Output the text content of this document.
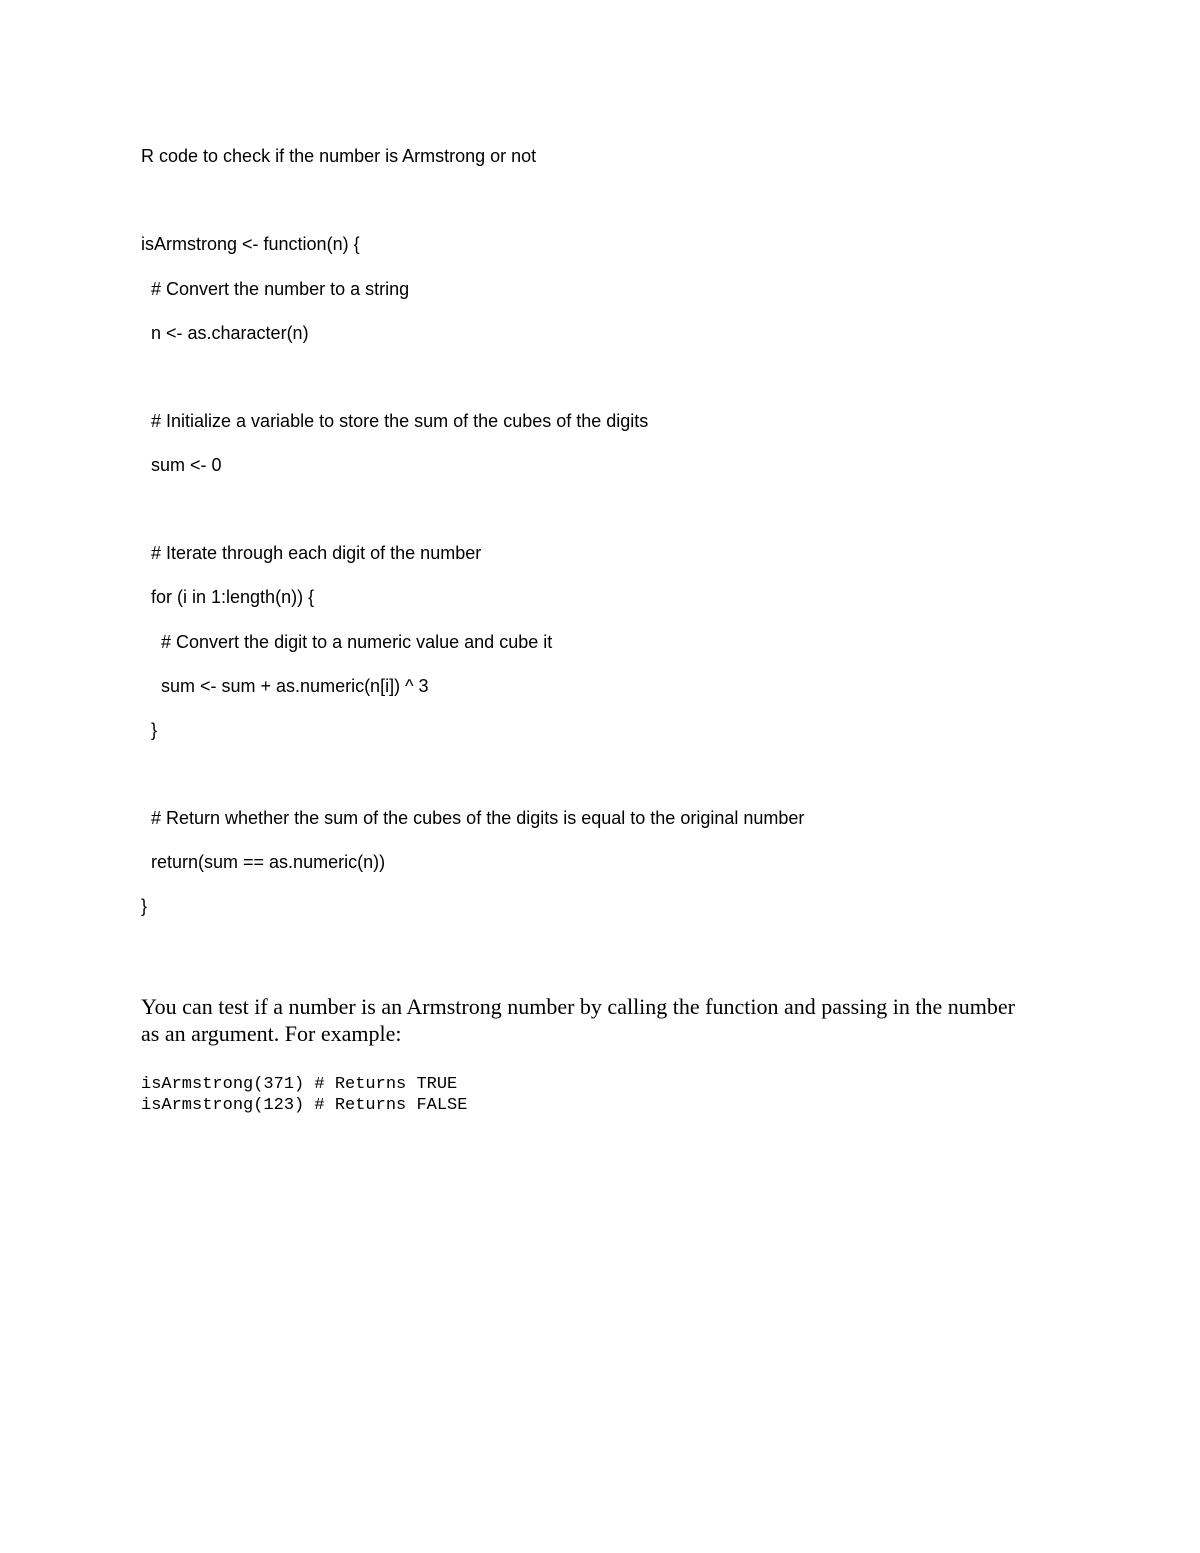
R code to check if the number is Armstrong or not
isArmstrong <- function(n) {
# Convert the number to a string
n <- as.character(n)
# Initialize a variable to store the sum of the cubes of the digits
sum <- 0
# Iterate through each digit of the number
for (i in 1:length(n)) {
# Convert the digit to a numeric value and cube it
sum <- sum + as.numeric(n[i]) ^ 3
}
# Return whether the sum of the cubes of the digits is equal to the original number
return(sum == as.numeric(n))
}

You can test if a number is an Armstrong number by calling the function and passing in the number as an argument. For example:

isArmstrong(371) # Returns TRUE
isArmstrong(123) # Returns FALSE
